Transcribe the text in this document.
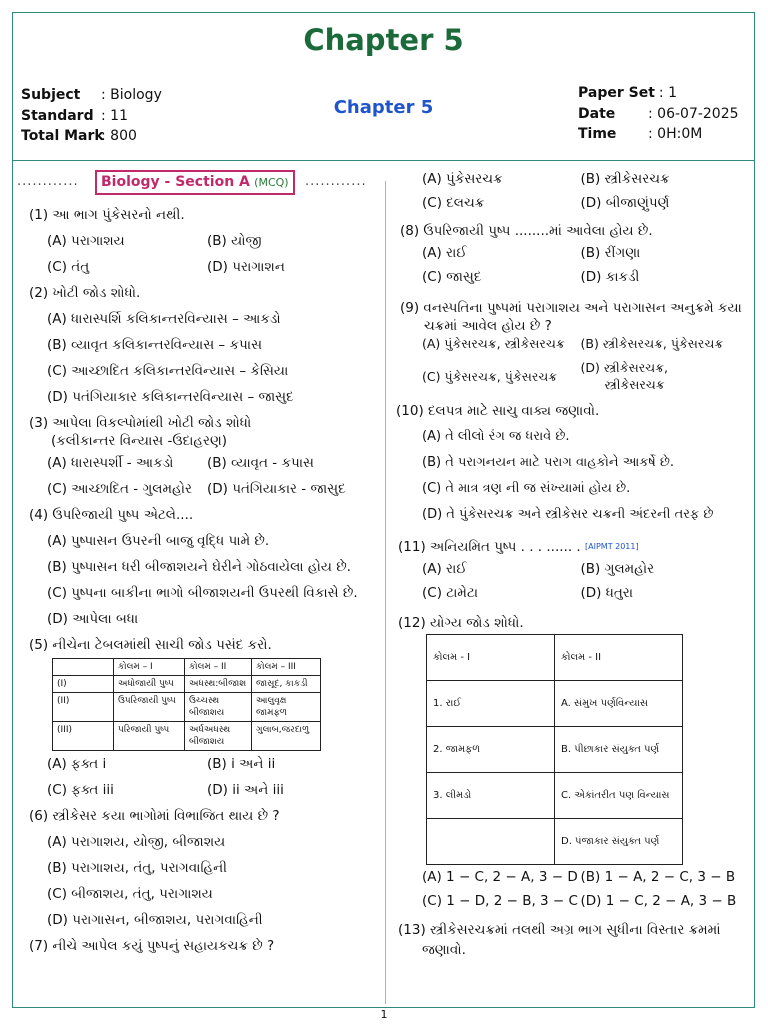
Chapter 5
Subject	: Biology
Standard : 11
Total Mark
: 800
Chapter 5
Paper Set : 1
Date	: 06-07-2025
Time	: 0H:0M
............	Biology - Section A (MCQ)	............
(1) આ ભાગ પુંકેસરનો નથી.
(A) પરાગાશય	(B) યોજી
(C) તંતુ	(D) પરાગાશન
(2) ખોટી જોડ શોધો.
(A) ધારાસ્પર્શિ કલિકાન્તરવિન્યાસ – આકડો
(B) વ્યાવૃત કલિકાન્તરવિન્યાસ – કપાસ
(C) આચ્છાદિત કલિકાન્તરવિન્યાસ – કેસિયા
(D) પતંગિયાકાર કલિકાન્તરવિન્યાસ – જાસુદ
(3) આપેલા વિકલ્પોમાંથી ખોટી જોડ શોધો
(કલીકાન્તર વિન્યાસ -ઉદાહરણ)
(A) ધારાસ્પર્શી - આકડો	(B) વ્યાવૃત - કપાસ
(C) આચ્છાદિત - ગુલમહોર	(D) પતંગિયાકાર - જાસુદ
(4) ઉપરિજાયી પુષ્પ એટલે....
(A) પુષ્પાસન ઉપરની બાજુ વૃદ્ધિ પામે છે.
(B) પુષ્પાસન ધરી બીજાશયને ઘેરીને ગોઠવાયેલા હોય છે.
(C) પુષ્પના બાકીના ભાગો બીજાશયની ઉપરથી વિકાસે છે.
(D) આપેલા બધા
(5) નીચેના ટેબલમાંથી સાચી જોડ પસંદ કરો.
	કોલમ – I	કોલમ – II	કોલમ – III
(I)	અધોજાયી પુષ્પ	અધસ્થ:બીજાશ	જાસૂદ, કાકડી
(II)	ઉપરિજાયી પુષ્પ	ઉચ્ચસ્થ બીજાશય	આલુવૃક્ષ જામફળ
(III)	પરિજાયી પુષ્પ	અર્ધઅધસ્થ બીજાશય	ગુલાબ,જરદાળુ
(A) ફક્ત i	(B) i અને ii
(C) ફક્ત iii	(D) ii અને iii
(6) સ્ત્રીકેસર કયા ભાગોમાં વિભાજિત થાય છે ?
(A) પરાગાશય, યોજી, બીજાશય
(B) પરાગાશય, તંતુ, પરાગવાહિની
(C) બીજાશય, તંતુ, પરાગાશય
(D) પરાગાસન, બીજાશય, પરાગવાહિની
(7) નીચે આપેલ કયું પુષ્પનું સહાયકચક્ર છે ?
(A) પુંકેસરચક્ર	(B) સ્ત્રીકેસરચક્ર
(C) દલચક્ર	(D) બીજાણુંપર્ણ
(8) ઉપરિજાયી પુષ્પ ........માં આવેલા હોય છે.
(A) રાઈ	(B) રીંગણા
(C) જાસુદ	(D) કાકડી
(9) વનસ્પતિના પુષ્પમાં પરાગાશય અને પરાગાસન અનુક્રમે કયા
ચક્રમાં આવેલ હોય છે ?
(A) પુંકેસરચક્ર, સ્ત્રીકેસરચક્ર	(B) સ્ત્રીકેસરચક્ર, પુંકેસરચક્ર
(C) પુંકેસરચક્ર, પુંકેસરચક્ર
(D) સ્ત્રીકેસરચક્ર,
સ્ત્રીકેસરચક્ર
(10) દલપત્ર માટે સાચુ વાક્ય જણાવો.
(A) તે લીલો રંગ જ ધરાવે છે.
(B) તે પરાગનયન માટે પરાગ વાહકોને આકર્ષે છે.
(C) તે માત્ર ત્રણ ની જ સંખ્યામાં હોય છે.
(D) તે પુંકેસરચક્ર અને સ્ત્રીકેસર ચક્રની અંદરની તરફ છે
(11) અનિયમિત પુષ્પ . . . ...... . [AIPMT 2011]
(A) રાઈ	(B) ગુલમહોર
(C) ટામેટા	(D) ધતુરા
(12) યોગ્ય જોડ શોધો.
કોલમ - I	કોલમ - II
1. રાઈ	A. સંમુખ પર્ણવિન્યાસ
2. જામફળ	B. પીછાકાર સંયુક્ત પર્ણ
3. લીમડો	C. એકાંતરીત પણ વિન્યાસ
	D. પંજાકાર સંયુક્ત પર્ણ
(A) 1 − C, 2 − A, 3 − D (B) 1 − A, 2 − C, 3 − B
(C) 1 − D, 2 − B, 3 − C (D) 1 − C, 2 − A, 3 − B
(13) સ્ત્રીકેસરચક્રમાં તલથી અગ્ર ભાગ સુધીના વિસ્તાર ક્રમમાં
જણાવો.
1
